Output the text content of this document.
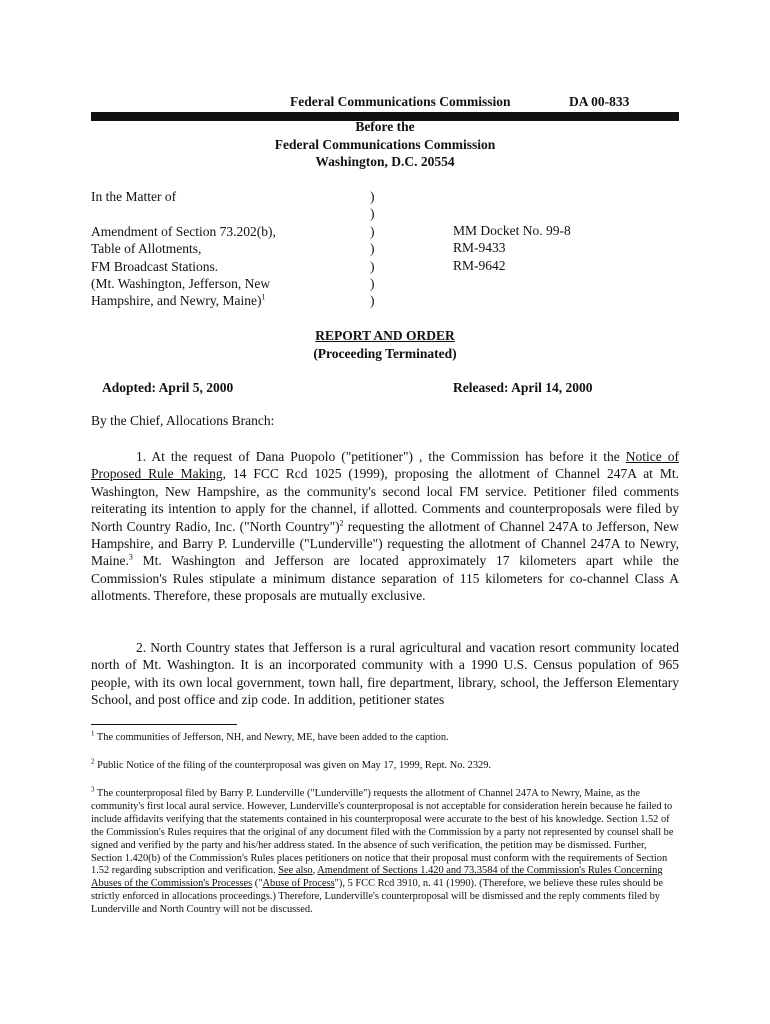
Federal Communications Commission	DA 00-833
Before the
Federal Communications Commission
Washington, D.C. 20554
In the Matter of
Amendment of Section 73.202(b),
Table of Allotments,
FM Broadcast Stations.
(Mt. Washington, Jefferson, New
Hampshire, and Newry, Maine)$^1$
)
)
)
)
)
)
)
MM Docket No. 99-8
RM-9433
RM-9642
REPORT AND ORDER
(Proceeding Terminated)
Adopted: April 5, 2000	Released: April 14, 2000
By the Chief, Allocations Branch:

1. At the request of Dana Puopolo ("petitioner") , the Commission has before it the Notice of Proposed Rule Making, 14 FCC Rcd 1025 (1999), proposing the allotment of Channel 247A at Mt. Washington, New Hampshire, as the community's second local FM service. Petitioner filed comments reiterating its intention to apply for the channel, if allotted. Comments and counterproposals were filed by North Country Radio, Inc. ("North Country")$^2$ requesting the allotment of Channel 247A to Jefferson, New Hampshire, and Barry P. Lunderville ("Lunderville") requesting the allotment of Channel 247A to Newry, Maine.$^3$ Mt. Washington and Jefferson are located approximately 17 kilometers apart while the Commission's Rules stipulate a minimum distance separation of 115 kilometers for co-channel Class A allotments. Therefore, these proposals are mutually exclusive.

2. North Country states that Jefferson is a rural agricultural and vacation resort community located north of Mt. Washington. It is an incorporated community with a 1990 U.S. Census population of 965 people, with its own local government, town hall, fire department, library, school, the Jefferson Elementary School, and post office and zip code. In addition, petitioner states

$^1$ The communities of Jefferson, NH, and Newry, ME, have been added to the caption.

$^2$ Public Notice of the filing of the counterproposal was given on May 17, 1999, Rept. No. 2329.

$^3$ The counterproposal filed by Barry P. Lunderville ("Lunderville") requests the allotment of Channel 247A to Newry, Maine, as the community's first local aural service. However, Lunderville's counterproposal is not acceptable for consideration herein because he failed to include affidavits verifying that the statements contained in his counterproposal were accurate to the best of his knowledge. Section 1.52 of the Commission's Rules requires that the original of any document filed with the Commission by a party not represented by counsel shall be signed and verified by the party and his/her address stated. In the absence of such verification, the petition may be dismissed. Further, Section 1.420(b) of the Commission's Rules places petitioners on notice that their proposal must conform with the requirements of Section 1.52 regarding subscription and verification. See also, Amendment of Sections 1.420 and 73.3584 of the Commission's Rules Concerning Abuses of the Commission's Processes ("Abuse of Process"), 5 FCC Rcd 3910, n. 41 (1990). (Therefore, we believe these rules should be strictly enforced in allocations proceedings.) Therefore, Lunderville's counterproposal will be dismissed and the reply comments filed by Lunderville and North Country will not be discussed.
